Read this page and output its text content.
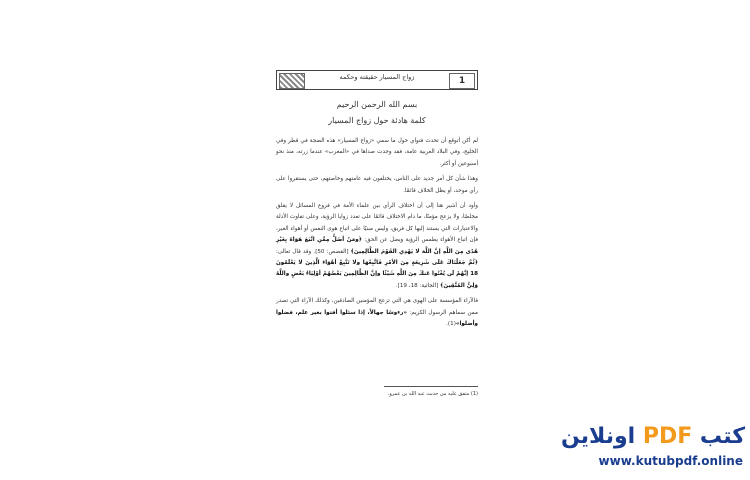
زواج المسيار حقيقته وحكمه	1
بسم الله الرحمن الرحيم
كلمة هادئة حول زواج المسيار

لم أكن أتوقع أن تحدث فتواي حول ما سمي «زواج المسيار» هذه الضجة في قطر وفي الخليج، وفي البلاد العربية عامة، فقد وجدت صداها في «المغرب» عندما زرته، منذ نحو أسبوعين أو أكثر.

وهذا شأن كل أمر جديد على الناس، يختلفون فيه عامتهم وخاصتهم، حتى يستقروا على رأي موحد، أو يظل الخلاف قائمًا.

وأود أن أشير هنا إلى أن اختلاف الرأي بين علماء الأمة في فروع المسائل لا يقلق مخلصًا، ولا يزعج مؤمنًا، ما دام الاختلاف قائمًا على تعدد زوايا الرؤية، وعلى تفاوت الأدلة والاعتبارات التي يستند إليها كل فريق، وليس مبنيًا على اتباع هوى النفس أو أهواء الغير، فإن اتباع الأهواء يطمس الرؤية ويضل عن الحق: ﴿ومَنْ أضَلُّ مِمَّنِ اتَّبَعَ هَوَاهُ بِغَيْرِ هُدًى مِنَ اللَّهِ إنَّ اللَّهَ لا يَهْدِي القَوْمَ الظَّالِمِينَ﴾ [القصص: 50]. وقد قال تعالى: ﴿ثُمَّ جَعَلْنَاكَ عَلَى شَرِيعَةٍ مِنَ الأمْرِ فَاتَّبِعْهَا ولا تَتَّبِعْ أهْوَاءَ الَّذِينَ لا يَعْلَمُونَ 18 إنَّهُمْ لَن يُغْنُوا عَنكَ مِنَ اللَّهِ شَيْئًا وإنَّ الظَّالِمِينَ بَعْضُهُمْ أوْلِيَاءُ بَعْضٍ واللَّهُ وَلِيُّ المُتَّقِينَ﴾ [الجاثية: 18، 19].

فالآراء المؤسسة على الهوى هي التي تزعج المؤمنين الصادقين، وكذلك الآراء التي تصدر ممن سماهم الرسول الكريم: «رءوسًا جهالاً، إذا سئلوا أفتوا بغير علم، فضلوا وأضلوا»(1).

(1) متفق عليه من حديث عبد الله بن عمرو.
كتب PDF اونلاين
www.kutubpdf.online
